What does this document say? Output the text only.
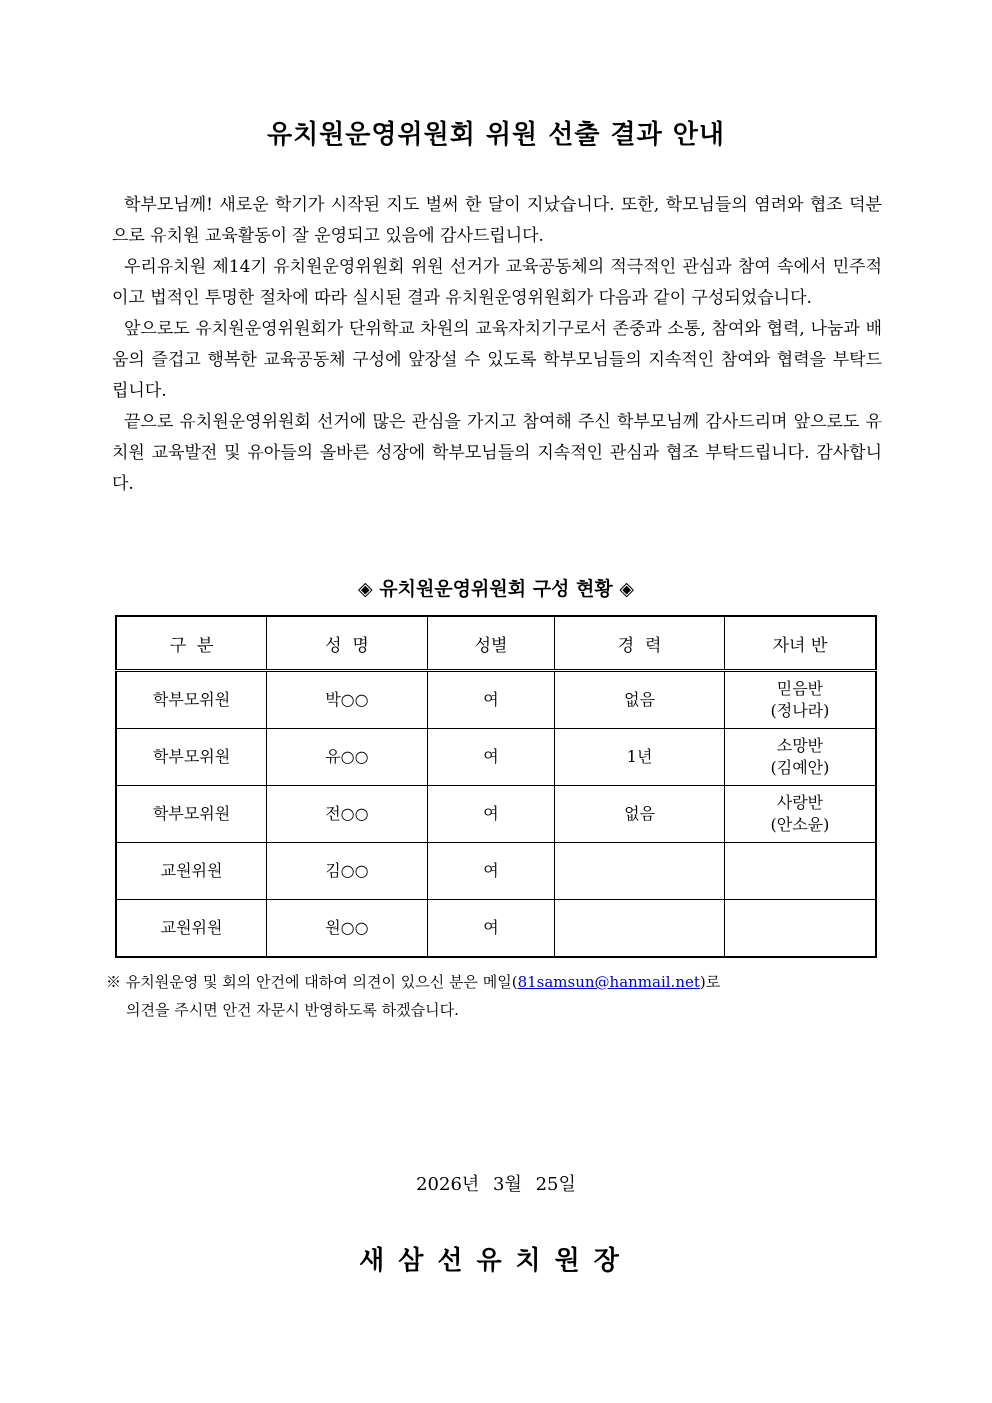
유치원운영위원회 위원 선출 결과 안내

학부모님께! 새로운 학기가 시작된 지도 벌써 한 달이 지났습니다. 또한, 학모님들의 염려와 협조 덕분으로 유치원 교육활동이 잘 운영되고 있음에 감사드립니다.

우리유치원 제14기 유치원운영위원회 위원 선거가 교육공동체의 적극적인 관심과 참여 속에서 민주적이고 법적인 투명한 절차에 따라 실시된 결과 유치원운영위원회가 다음과 같이 구성되었습니다.

앞으로도 유치원운영위원회가 단위학교 차원의 교육자치기구로서 존중과 소통, 참여와 협력, 나눔과 배움의 즐겁고 행복한 교육공동체 구성에 앞장설 수 있도록 학부모님들의 지속적인 참여와 협력을 부탁드립니다.

끝으로 유치원운영위원회 선거에 많은 관심을 가지고 참여해 주신 학부모님께 감사드리며 앞으로도 유치원 교육발전 및 유아들의 올바른 성장에 학부모님들의 지속적인 관심과 협조 부탁드립니다. 감사합니다.

◈ 유치원운영위원회 구성 현황 ◈
구  분	성  명	성별	경  력	자녀 반
학부모위원	박○○	여	없음	믿음반
(정나라)

학부모위원	유○○	여	1년	소망반
(김예안)

학부모위원	전○○	여	없음	사랑반
(안소윤)

교원위원	김○○	여		

교원위원	원○○	여		
※ 유치원운영 및 회의 안건에 대하여 의견이 있으신 분은 메일(81samsun@hanmail.net)로
의견을 주시면 안건 자문시 반영하도록 하겠습니다.
2026년 3월 25일
새삼선유치원장
